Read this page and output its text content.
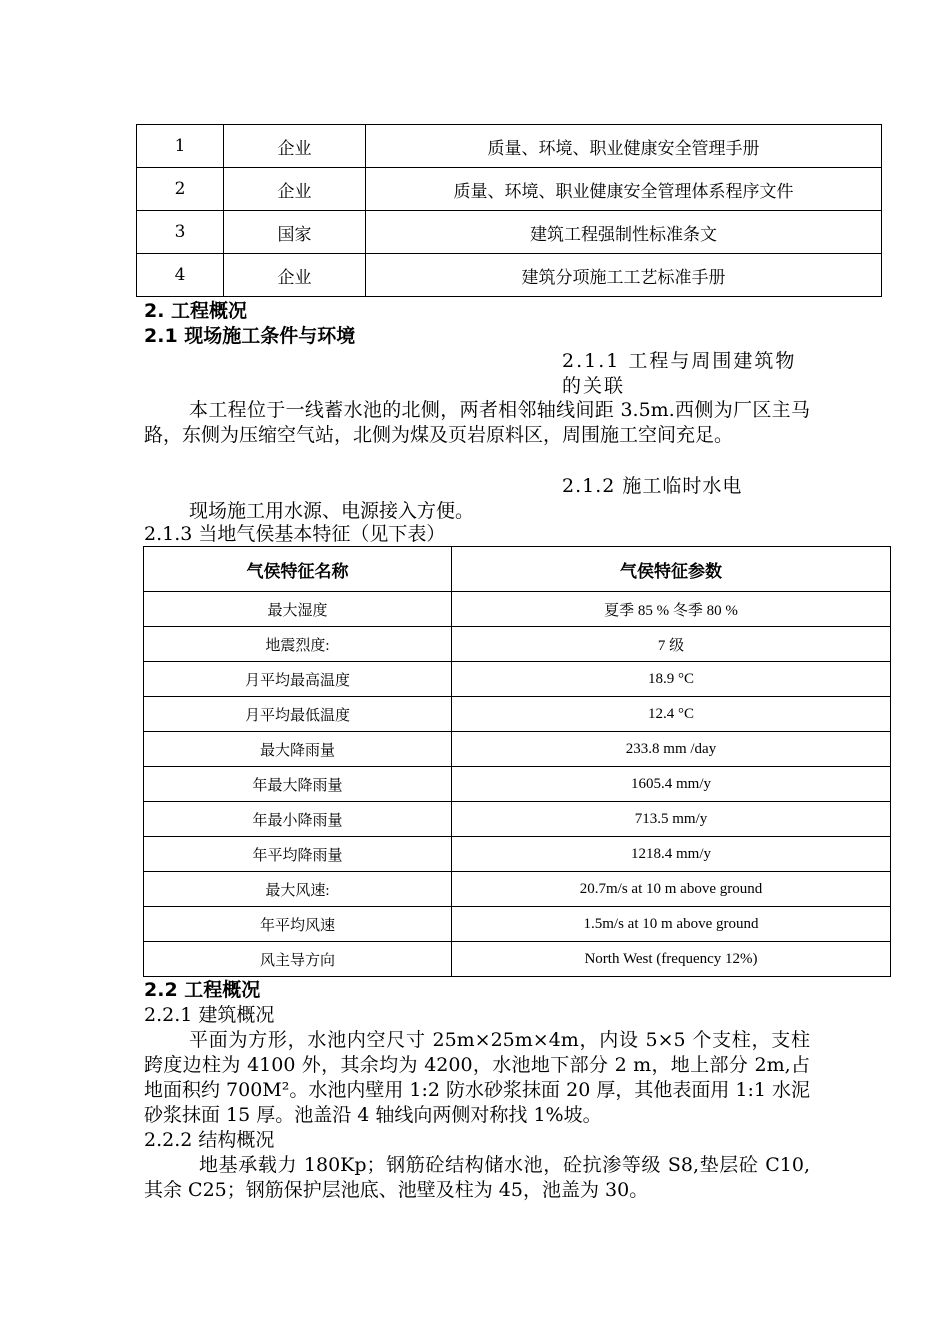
1	企业	质量、环境、职业健康安全管理手册
2	企业	质量、环境、职业健康安全管理体系程序文件
3	国家	建筑工程强制性标准条文
4	企业	建筑分项施工工艺标准手册
2. 工程概况
2.1 现场施工条件与环境
2.1.1 工程与周围建筑物的关联
本工程位于一线蓄水池的北侧，两者相邻轴线间距 3.5m.西侧为厂区主马路，东侧为压缩空气站，北侧为煤及页岩原料区，周围施工空间充足。
2.1.2 施工临时水电
现场施工用水源、电源接入方便。
2.1.3 当地气侯基本特征（见下表）
气侯特征名称	气侯特征参数
最大湿度	夏季 85 % 冬季 80 %
地震烈度:	7 级
月平均最高温度	18.9 °C
月平均最低温度	12.4 °C
最大降雨量	233.8 mm /day
年最大降雨量	1605.4 mm/y
年最小降雨量	713.5 mm/y
年平均降雨量	1218.4 mm/y
最大风速:	20.7m/s at 10 m above ground
年平均风速	1.5m/s at 10 m above ground
风主导方向	North West (frequency 12%)
2.2 工程概况
2.2.1 建筑概况
平面为方形，水池内空尺寸 25m×25m×4m，内设 5×5 个支柱，支柱跨度边柱为 4100 外，其余均为 4200，水池地下部分 2 m，地上部分 2m,占地面积约 700M²。水池内壁用 1:2 防水砂浆抹面 20 厚，其他表面用 1:1 水泥砂浆抹面 15 厚。池盖沿 4 轴线向两侧对称找 1%坡。
2.2.2 结构概况
地基承载力 180Kp；钢筋砼结构储水池，砼抗渗等级 S8,垫层砼 C10,其余 C25；钢筋保护层池底、池壁及柱为 45，池盖为 30。
